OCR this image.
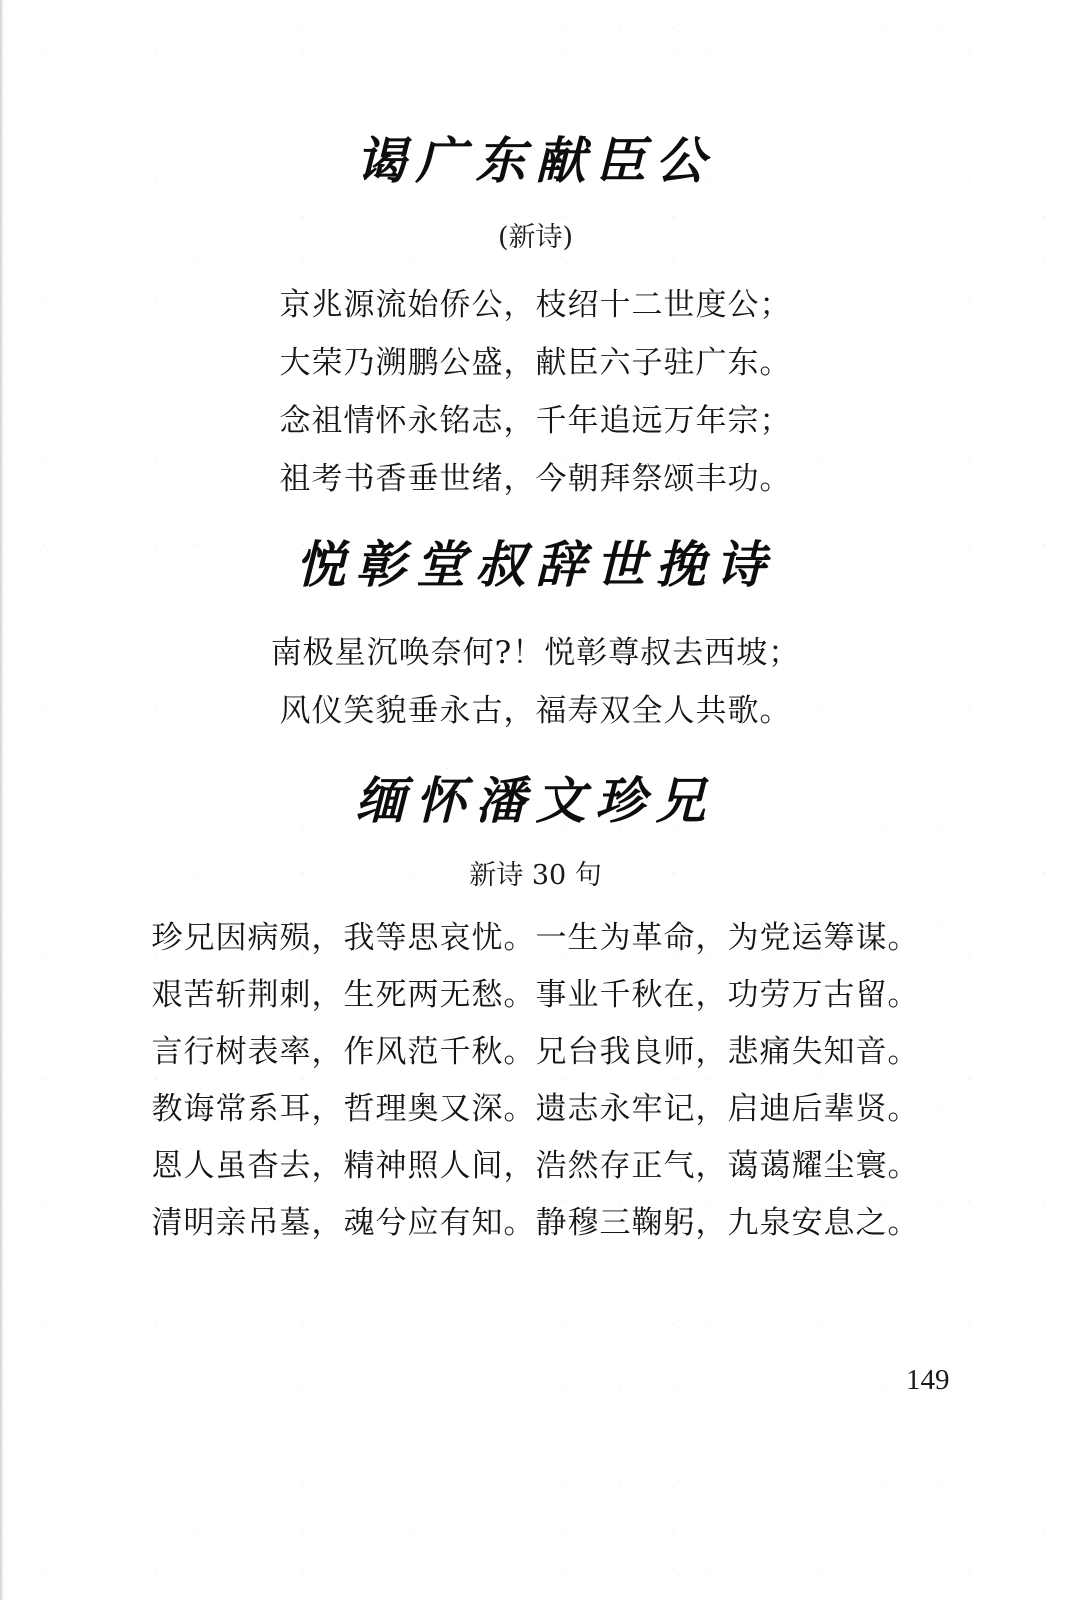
谒广东献臣公
(新诗)
京兆源流始侨公，枝绍十二世度公；
大荣乃溯鹏公盛，献臣六子驻广东。
念祖情怀永铭志，千年追远万年宗；
祖考书香垂世绪，今朝拜祭颂丰功。
悦彰堂叔辞世挽诗
南极星沉唤奈何?！悦彰尊叔去西坡；
风仪笑貌垂永古，福寿双全人共歌。
缅怀潘文珍兄
新诗 30 句
珍兄因病殒，我等思哀忧。一生为革命，为党运筹谋。
艰苦斩荆刺，生死两无愁。事业千秋在，功劳万古留。
言行树表率，作风范千秋。兄台我良师，悲痛失知音。
教诲常系耳，哲理奥又深。遗志永牢记，启迪后辈贤。
恩人虽杳去，精神照人间，浩然存正气，蔼蔼耀尘寰。
清明亲吊墓，魂兮应有知。静穆三鞠躬，九泉安息之。
149
